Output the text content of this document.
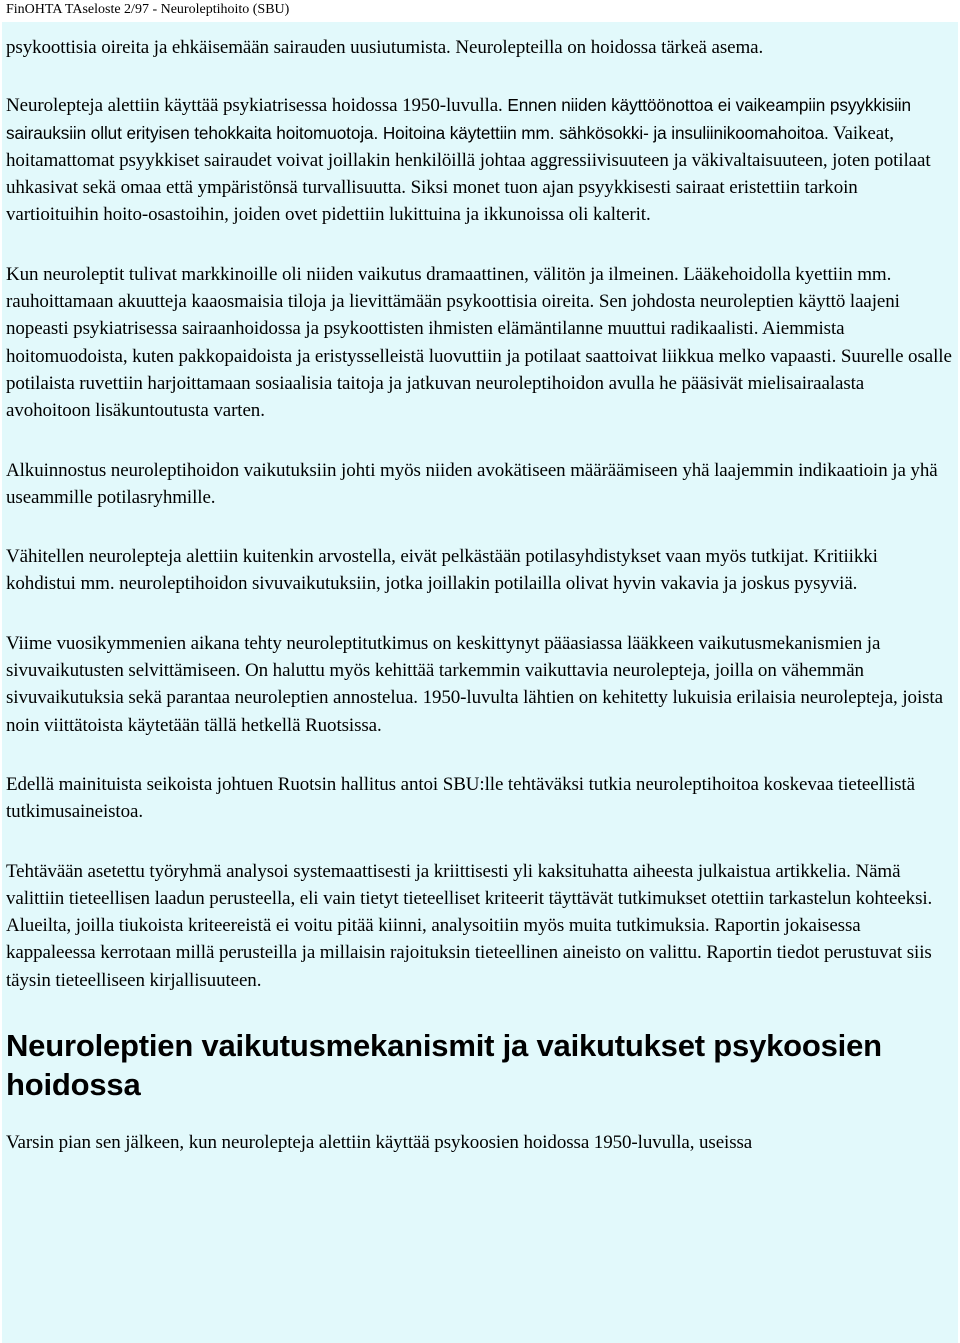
FinOHTA TAseloste 2/97 - Neuroleptihoito (SBU)

psykoottisia oireita ja ehkäisemään sairauden uusiutumista. Neurolepteilla on hoidossa tärkeä asema.

Neurolepteja alettiin käyttää psykiatrisessa hoidossa 1950-luvulla. Ennen niiden käyttöönottoa ei vaikeampiin psyykkisiin sairauksiin ollut erityisen tehokkaita hoitomuotoja. Hoitoina käytettiin mm. sähkösokki- ja insuliinikoomahoitoa. Vaikeat, hoitamattomat psyykkiset sairaudet voivat joillakin henkilöillä johtaa aggressiivisuuteen ja väkivaltaisuuteen, joten potilaat uhkasivat sekä omaa että ympäristönsä turvallisuutta. Siksi monet tuon ajan psyykkisesti sairaat eristettiin tarkoin vartioituihin hoito-osastoihin, joiden ovet pidettiin lukittuina ja ikkunoissa oli kalterit.

Kun neuroleptit tulivat markkinoille oli niiden vaikutus dramaattinen, välitön ja ilmeinen. Lääkehoidolla kyettiin mm. rauhoittamaan akuutteja kaaosmaisia tiloja ja lievittämään psykoottisia oireita. Sen johdosta neuroleptien käyttö laajeni nopeasti psykiatrisessa sairaanhoidossa ja psykoottisten ihmisten elämäntilanne muuttui radikaalisti. Aiemmista hoitomuodoista, kuten pakkopaidoista ja eristysselleistä luovuttiin ja potilaat saattoivat liikkua melko vapaasti. Suurelle osalle potilaista ruvettiin harjoittamaan sosiaalisia taitoja ja jatkuvan neuroleptihoidon avulla he pääsivät mielisairaalasta avohoitoon lisäkuntoutusta varten.

Alkuinnostus neuroleptihoidon vaikutuksiin johti myös niiden avokätiseen määräämiseen yhä laajemmin indikaatioin ja yhä useammille potilasryhmille.

Vähitellen neurolepteja alettiin kuitenkin arvostella, eivät pelkästään potilasyhdistykset vaan myös tutkijat. Kritiikki kohdistui mm. neuroleptihoidon sivuvaikutuksiin, jotka joillakin potilailla olivat hyvin vakavia ja joskus pysyviä.

Viime vuosikymmenien aikana tehty neuroleptitutkimus on keskittynyt pääasiassa lääkkeen vaikutusmekanismien ja sivuvaikutusten selvittämiseen. On haluttu myös kehittää tarkemmin vaikuttavia neurolepteja, joilla on vähemmän sivuvaikutuksia sekä parantaa neuroleptien annostelua. 1950-luvulta lähtien on kehitetty lukuisia erilaisia neurolepteja, joista noin viittätoista käytetään tällä hetkellä Ruotsissa.

Edellä mainituista seikoista johtuen Ruotsin hallitus antoi SBU:lle tehtäväksi tutkia neuroleptihoitoa koskevaa tieteellistä tutkimusaineistoa.

Tehtävään asetettu työryhmä analysoi systemaattisesti ja kriittisesti yli kaksituhatta aiheesta julkaistua artikkelia. Nämä valittiin tieteellisen laadun perusteella, eli vain tietyt tieteelliset kriteerit täyttävät tutkimukset otettiin tarkastelun kohteeksi. Alueilta, joilla tiukoista kriteereistä ei voitu pitää kiinni, analysoitiin myös muita tutkimuksia. Raportin jokaisessa kappaleessa kerrotaan millä perusteilla ja millaisin rajoituksin tieteellinen aineisto on valittu. Raportin tiedot perustuvat siis täysin tieteelliseen kirjallisuuteen.

Neuroleptien vaikutusmekanismit ja vaikutukset psykoosien hoidossa

Varsin pian sen jälkeen, kun neurolepteja alettiin käyttää psykoosien hoidossa 1950-luvulla, useissa
